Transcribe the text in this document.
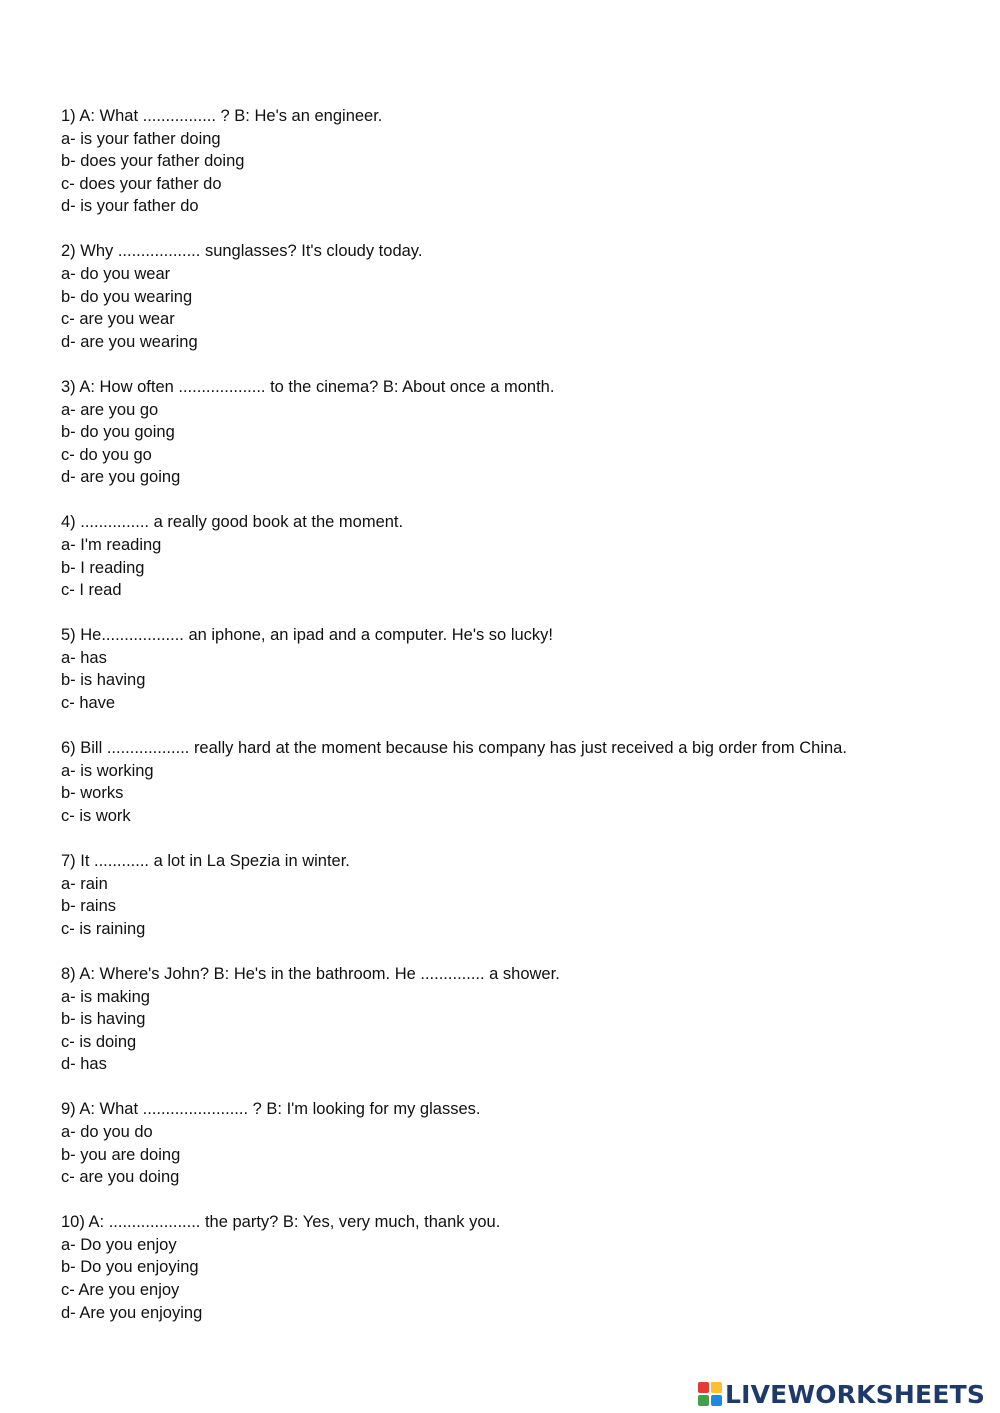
1) A: What ................ ? B: He's an engineer.
a- is your father doing
b- does your father doing
c- does your father do
d- is your father do
2) Why .................. sunglasses? It's cloudy today.
a- do you wear
b- do you wearing
c- are you wear
d- are you wearing
3) A: How often ................... to the cinema? B: About once a month.
a- are you go
b- do you going
c- do you go
d- are you going
4) ............... a really good book at the moment.
a- I'm reading
b- I reading
c- I read
5) He.................. an iphone, an ipad and a computer. He's so lucky!
a- has
b- is having
c- have
6) Bill .................. really hard at the moment because his company has just received a big order from China.
a- is working
b- works
c- is work
7) It ............ a lot in La Spezia in winter.
a- rain
b- rains
c- is raining
8) A: Where's John? B: He's in the bathroom. He .............. a shower.
a- is making
b- is having
c- is doing
d- has
9) A: What ....................... ? B: I'm looking for my glasses.
a- do you do
b- you are doing
c- are you doing
10) A: .................... the party? B: Yes, very much, thank you.
a- Do you enjoy
b- Do you enjoying
c- Are you enjoy
d- Are you enjoying
LIVEWORKSHEETS
